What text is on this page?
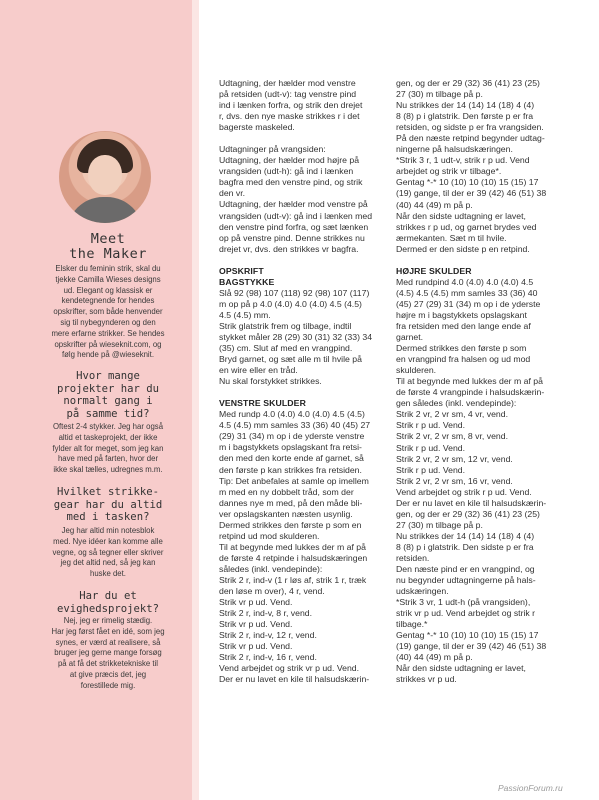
Meet
the Maker
Elsker du feminin strik, skal du
tjekke Camilla Wieses designs
ud. Elegant og klassisk er
kendetegnende for hendes
opskrifter, som både henvender
sig til nybegynderen og den
mere erfarne strikker. Se hendes
opskrifter på wieseknit.com, og
følg hende på @wieseknit.
Hvor mange
projekter har du
normalt gang i
på samme tid?
Oftest 2-4 stykker. Jeg har også
altid et taskeprojekt, der ikke
fylder alt for meget, som jeg kan
have med på farten, hvor der
ikke skal tælles, udregnes m.m.
Hvilket strikke-
gear har du altid
med i tasken?
Jeg har altid min notesblok
med. Nye idéer kan komme alle
vegne, og så tegner eller skriver
jeg det altid ned, så jeg kan
huske det.
Har du et
evighedsprojekt?
Nej, jeg er rimelig stædig.
Har jeg først fået en idé, som jeg
synes, er værd at realisere, så
bruger jeg gerne mange forsøg
på at få det strikketekniske til
at give præcis det, jeg
forestillede mig.

Udtagning, der hælder mod venstre

på retsiden (udt-v): tag venstre pind

ind i lænken forfra, og strik den drejet

r, dvs. den nye maske strikkes r i det

bagerste maskeled.

Udtagninger på vrangsiden:

Udtagning, der hælder mod højre på

vrangsiden (udt-h): gå ind i lænken

bagfra med den venstre pind, og strik

den vr.

Udtagning, der hælder mod venstre på

vrangsiden (udt-v): gå ind i lænken med

den venstre pind forfra, og sæt lænken

op på venstre pind. Denne strikkes nu

drejet vr, dvs. den strikkes vr bagfra.

OPSKRIFT

BAGSTYKKE

Slå 92 (98) 107 (118) 92 (98) 107 (117)

m op på p 4.0 (4.0) 4.0 (4.0) 4.5 (4.5)

4.5 (4.5) mm.

Strik glatstrik frem og tilbage, indtil

stykket måler 28 (29) 30 (31) 32 (33) 34

(35) cm. Slut af med en vrangpind.

Bryd garnet, og sæt alle m til hvile på

en wire eller en tråd.

Nu skal forstykket strikkes.

VENSTRE SKULDER

Med rundp 4.0 (4.0) 4.0 (4.0) 4.5 (4.5)

4.5 (4.5) mm samles 33 (36) 40 (45) 27

(29) 31 (34) m op i de yderste venstre

m i bagstykkets opslagskant fra retsi-

den med den korte ende af garnet, så

den første p kan strikkes fra retsiden.

Tip: Det anbefales at samle op imellem

m med en ny dobbelt tråd, som der

dannes nye m med, på den måde bli-

ver opslagskanten næsten usynlig.

Dermed strikkes den første p som en

retpind ud mod skulderen.

Til at begynde med lukkes der m af på

de første 4 retpinde i halsudskæringen

således (inkl. vendepinde):

Strik 2 r, ind-v (1 r løs af, strik 1 r, træk

den løse m over), 4 r, vend.

Strik vr p ud. Vend.

Strik 2 r, ind-v, 8 r, vend.

Strik vr p ud. Vend.

Strik 2 r, ind-v, 12 r, vend.

Strik vr p ud. Vend.

Strik 2 r, ind-v, 16 r, vend.

Vend arbejdet og strik vr p ud. Vend.

Der er nu lavet en kile til halsudskærin-

gen, og der er 29 (32) 36 (41) 23 (25)

27 (30) m tilbage på p.

Nu strikkes der 14 (14) 14 (18) 4 (4)

8 (8) p i glatstrik. Den første p er fra

retsiden, og sidste p er fra vrangsiden.

På den næste retpind begynder udtag-

ningerne på halsudskæringen.

*Strik 3 r, 1 udt-v, strik r p ud. Vend

arbejdet og strik vr tilbage*.

Gentag *-* 10 (10) 10 (10) 15 (15) 17

(19) gange, til der er 39 (42) 46 (51) 38

(40) 44 (49) m på p.

Når den sidste udtagning er lavet,

strikkes r p ud, og garnet brydes ved

ærmekanten. Sæt m til hvile.

Dermed er den sidste p en retpind.

HØJRE SKULDER

Med rundpind 4.0 (4.0) 4.0 (4.0) 4.5

(4.5) 4.5 (4.5) mm samles 33 (36) 40

(45) 27 (29) 31 (34) m op i de yderste

højre m i bagstykkets opslagskant

fra retsiden med den lange ende af

garnet.

Dermed strikkes den første p som

en vrangpind fra halsen og ud mod

skulderen.

Til at begynde med lukkes der m af på

de første 4 vrangpinde i halsudskærin-

gen således (inkl. vendepinde):

Strik 2 vr, 2 vr sm, 4 vr, vend.

Strik r p ud. Vend.

Strik 2 vr, 2 vr sm, 8 vr, vend.

Strik r p ud. Vend.

Strik 2 vr, 2 vr sm, 12 vr, vend.

Strik r p ud. Vend.

Strik 2 vr, 2 vr sm, 16 vr, vend.

Vend arbejdet og strik r p ud. Vend.

Der er nu lavet en kile til halsudskærin-

gen, og der er 29 (32) 36 (41) 23 (25)

27 (30) m tilbage på p.

Nu strikkes der 14 (14) 14 (18) 4 (4)

8 (8) p i glatstrik. Den sidste p er fra

retsiden.

Den næste pind er en vrangpind, og

nu begynder udtagningerne på hals-

udskæringen.

*Strik 3 vr, 1 udt-h (på vrangsiden),

strik vr p ud. Vend arbejdet og strik r

tilbage.*

Gentag *-* 10 (10) 10 (10) 15 (15) 17

(19) gange, til der er 39 (42) 46 (51) 38

(40) 44 (49) m på p.

Når den sidste udtagning er lavet,

strikkes vr p ud.

PassionForum.ru
